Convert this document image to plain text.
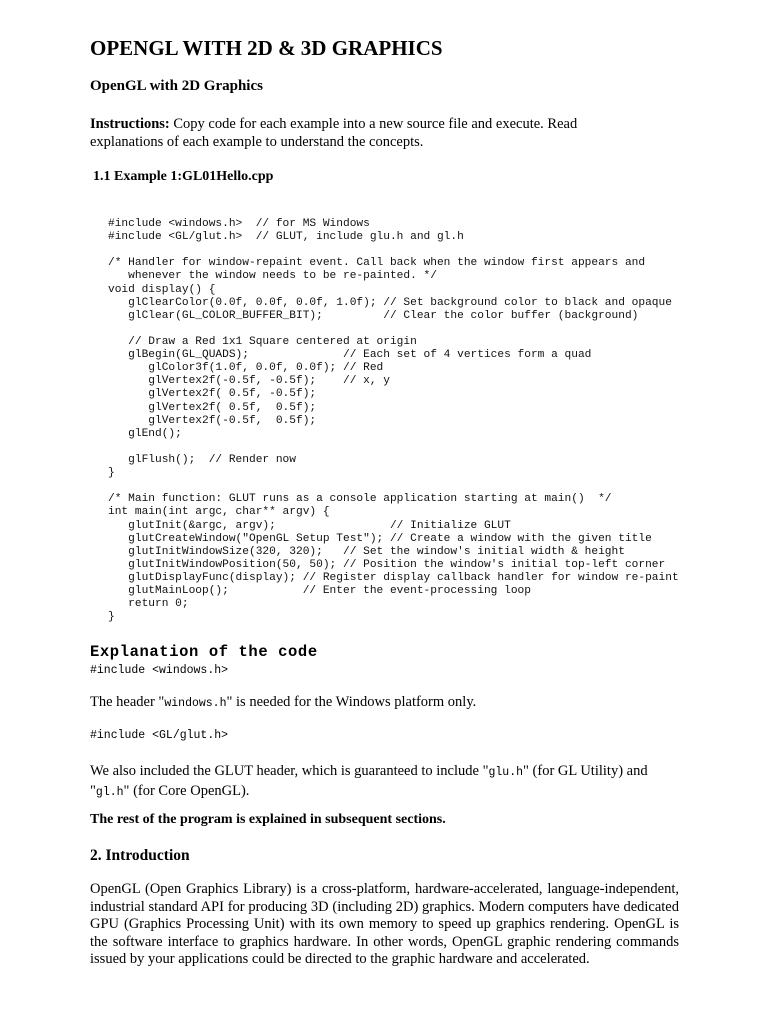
OPENGL WITH 2D & 3D GRAPHICS
OpenGL with 2D Graphics

Instructions: Copy code for each example into a new source file and execute. Read explanations of each example to understand the concepts.

1.1 Example 1:GL01Hello.cpp
#include <windows.h>  // for MS Windows
#include <GL/glut.h>  // GLUT, include glu.h and gl.h
/* Handler for window-repaint event. Call back when the window first appears and
whenever the window needs to be re-painted. */
void display() {
glClearColor(0.0f, 0.0f, 0.0f, 1.0f); // Set background color to black and opaque
glClear(GL_COLOR_BUFFER_BIT);         // Clear the color buffer (background)
// Draw a Red 1x1 Square centered at origin
glBegin(GL_QUADS);              // Each set of 4 vertices form a quad
glColor3f(1.0f, 0.0f, 0.0f); // Red
glVertex2f(-0.5f, -0.5f);    // x, y
glVertex2f( 0.5f, -0.5f);
glVertex2f( 0.5f,  0.5f);
glVertex2f(-0.5f,  0.5f);
glEnd();
glFlush();  // Render now
}
/* Main function: GLUT runs as a console application starting at main()  */
int main(int argc, char** argv) {
glutInit(&argc, argv);                 // Initialize GLUT
glutCreateWindow("OpenGL Setup Test"); // Create a window with the given title
glutInitWindowSize(320, 320);   // Set the window's initial width & height
glutInitWindowPosition(50, 50); // Position the window's initial top-left corner
glutDisplayFunc(display); // Register display callback handler for window re-paint
glutMainLoop();           // Enter the event-processing loop
return 0;
}
Explanation of the code
#include <windows.h>

The header "windows.h" is needed for the Windows platform only.

#include <GL/glut.h>

We also included the GLUT header, which is guaranteed to include "glu.h" (for GL Utility) and "gl.h" (for Core OpenGL).

The rest of the program is explained in subsequent sections.

2. Introduction

OpenGL (Open Graphics Library) is a cross-platform, hardware-accelerated, language-independent, industrial standard API for producing 3D (including 2D) graphics. Modern computers have dedicated GPU (Graphics Processing Unit) with its own memory to speed up graphics rendering. OpenGL is the software interface to graphics hardware. In other words, OpenGL graphic rendering commands issued by your applications could be directed to the graphic hardware and accelerated.
